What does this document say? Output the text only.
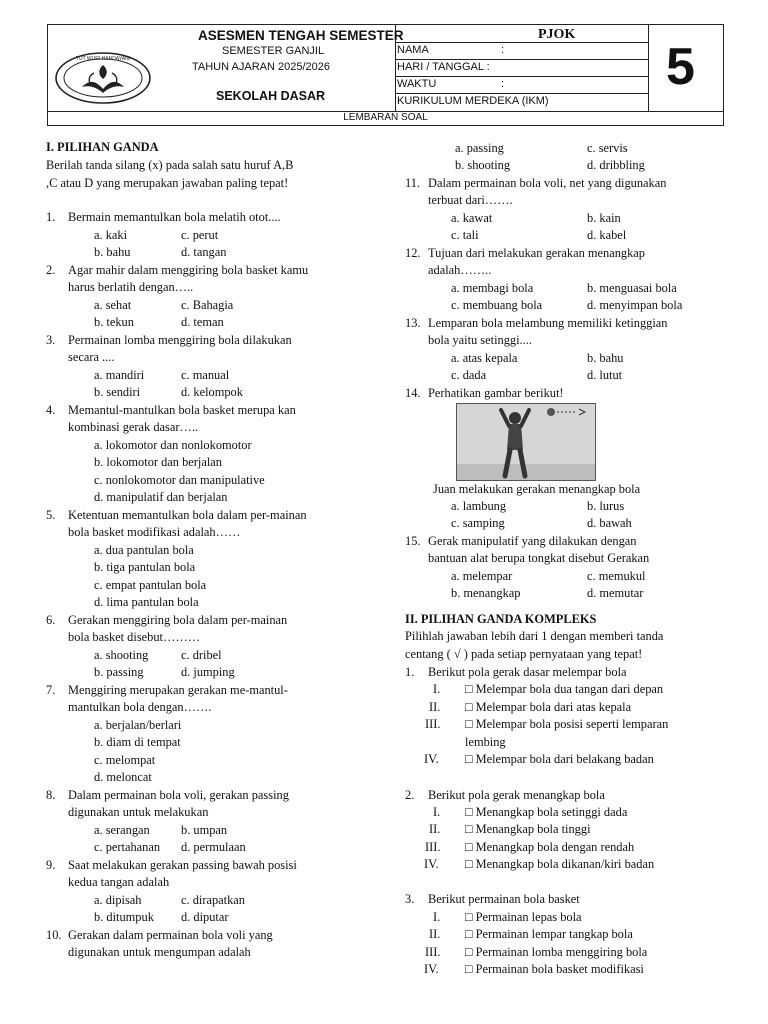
TUT WURI HANDAYANI
ASESMEN TENGAH SEMESTER
SEMESTER GANJIL
TAHUN AJARAN 2025/2026
SEKOLAH DASAR
PJOK
NAMA	:
HARI / TANGGAL :
WAKTU	:
KURIKULUM MERDEKA (IKM)
5
LEMBARAN SOAL
I. PILIHAN GANDA
Berilah tanda silang (x) pada salah satu huruf A,B
,C atau D yang merupakan jawaban paling tepat!
1. Bermain memantulkan bola melatih otot....
a. kaki	c. perut
b. bahu	d. tangan
2. Agar mahir dalam menggiring bola basket kamu
harus berlatih dengan…..
a. sehat	c. Bahagia
b. tekun	d. teman
3. Permainan lomba menggiring bola dilakukan
secara ....
a. mandiri	c. manual
b. sendiri	d. kelompok
4. Memantul-mantulkan bola basket merupa kan
kombinasi gerak dasar…..
a. lokomotor dan nonlokomotor
b. lokomotor dan berjalan
c. nonlokomotor dan manipulative
d. manipulatif dan berjalan
5. Ketentuan memantulkan bola dalam per-mainan
bola basket modifikasi adalah……
a. dua pantulan bola
b. tiga pantulan bola
c. empat pantulan bola
d. lima pantulan bola
6. Gerakan menggiring bola dalam per-mainan
bola basket disebut………
a. shooting	c. dribel
b. passing	d. jumping
7. Menggiring merupakan gerakan me-mantul-
mantulkan bola dengan…….
a. berjalan/berlari
b. diam di tempat
c. melompat
d. meloncat
8. Dalam permainan bola voli, gerakan passing
digunakan untuk melakukan
a. serangan	b. umpan
c. pertahanan d. permulaan
9. Saat melakukan gerakan passing bawah posisi
kedua tangan adalah
a. dipisah	c. dirapatkan
b. ditumpuk d. diputar
10. Gerakan dalam permainan bola voli yang
digunakan untuk mengumpan adalah
a. passing	c. servis
b. shooting	d. dribbling
11. Dalam permainan bola voli, net yang digunakan
terbuat dari…….
a. kawat	b. kain
c. tali	d. kabel
12. Tujuan dari melakukan gerakan menangkap
adalah……..
a. membagi bola	b. menguasai bola
c. membuang bola	d. menyimpan bola
13. Lemparan bola melambung memiliki ketinggian
bola yaitu setinggi....
a. atas kepala	b. bahu
c. dada	d. lutut
14. Perhatikan gambar berikut!
Juan melakukan gerakan menangkap bola
a. lambung	b. lurus
c. samping	d. bawah
15. Gerak manipulatif yang dilakukan dengan
bantuan alat berupa tongkat disebut Gerakan
a. melempar	c. memukul
b. menangkap	d. memutar
II. PILIHAN GANDA KOMPLEKS
Pilihlah jawaban lebih dari 1 dengan memberi tanda
centang ( √ ) pada setiap pernyataan yang tepat!
1. Berikut pola gerak dasar melempar bola
I. □ Melempar bola dua tangan dari depan
II. □ Melempar bola dari atas kepala
III. □ Melempar bola posisi seperti lemparan
lembing
IV. □ Melempar bola dari belakang badan
2. Berikut pola gerak menangkap bola
I. □ Menangkap bola setinggi dada
II. □ Menangkap bola tinggi
III. □ Menangkap bola dengan rendah
IV. □ Menangkap bola dikanan/kiri badan
3. Berikut permainan bola basket
I. □ Permainan lepas bola
II. □ Permainan lempar tangkap bola
III. □ Permainan lomba menggiring bola
IV. □ Permainan bola basket modifikasi
